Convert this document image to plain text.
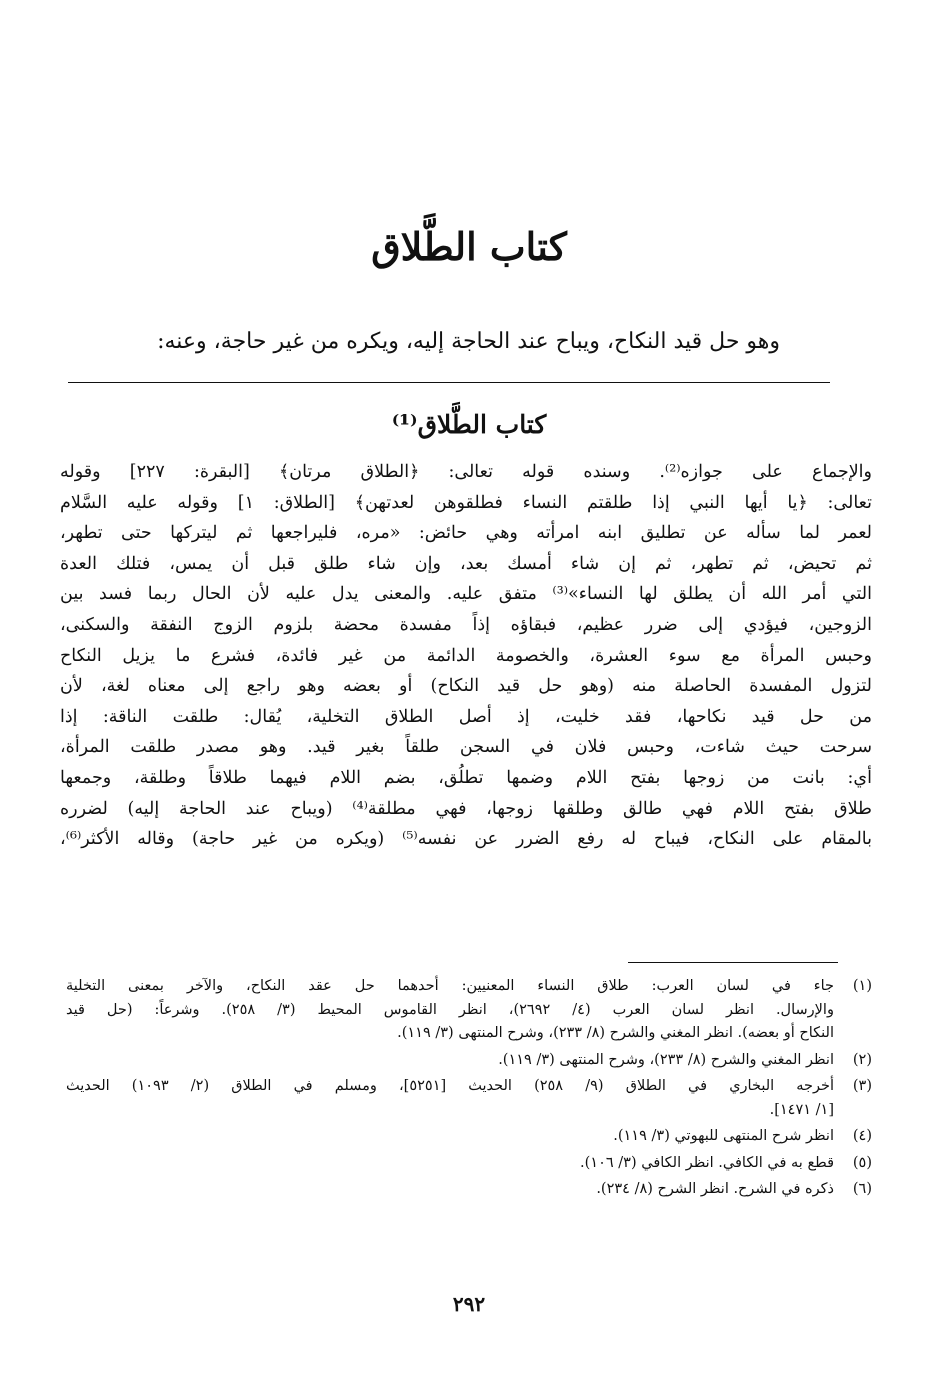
كتاب الطَّلاق

وهو حل قيد النكاح، ويباح عند الحاجة إليه، ويكره من غير حاجة، وعنه:

كتاب الطَّلاق⁽¹⁾
والإجماع على جوازه⁽²⁾. وسنده قوله تعالى: ﴿الطلاق مرتان﴾ [البقرة: ٢٢٧] وقوله
تعالى: ﴿يا أيها النبي إذا طلقتم النساء فطلقوهن لعدتهن﴾ [الطلاق: ١] وقوله عليه السَّلام
لعمر لما سأله عن تطليق ابنه امرأته وهي حائض: «مره، فليراجعها ثم ليتركها حتى تطهر،
ثم تحيض، ثم تطهر، ثم إن شاء أمسك بعد، وإن شاء طلق قبل أن يمس، فتلك العدة
التي أمر الله أن يطلق لها النساء»⁽³⁾ متفق عليه. والمعنى يدل عليه لأن الحال ربما فسد بين
الزوجين، فيؤدي إلى ضرر عظيم، فبقاؤه إذاً مفسدة محضة بلزوم الزوج النفقة والسكنى،
وحبس المرأة مع سوء العشرة، والخصومة الدائمة من غير فائدة، فشرع ما يزيل النكاح
لتزول المفسدة الحاصلة منه (وهو حل قيد النكاح) أو بعضه وهو راجع إلى معناه لغة، لأن
من حل قيد نكاحها، فقد خليت، إذ أصل الطلاق التخلية، يُقال: طلقت الناقة: إذا
سرحت حيث شاءت، وحبس فلان في السجن طلقاً بغير قيد. وهو مصدر طلقت المرأة،
أي: بانت من زوجها بفتح اللام وضمها تطلُق، بضم اللام فيهما طلاقاً وطلقة، وجمعها
طلاق بفتح اللام فهي طالق وطلقها زوجها، فهي مطلقة⁽⁴⁾ (ويباح عند الحاجة إليه) لضرره
بالمقام على النكاح، فيباح له رفع الضرر عن نفسه⁽⁵⁾ (ويكره من غير حاجة) وقاله الأكثر⁽⁶⁾،
(١)
جاء في لسان العرب: طلاق النساء المعنيين: أحدهما حل عقد النكاح، والآخر بمعنى التخلية
والإرسال. انظر لسان العرب (٤/ ٢٦٩٢)، انظر القاموس المحيط (٣/ ٢٥٨). وشرعاً: (حل قيد
النكاح أو بعضه). انظر المغني والشرح (٨/ ٢٣٣)، وشرح المنتهى (٣/ ١١٩).
(٢)
انظر المغني والشرح (٨/ ٢٣٣)، وشرح المنتهى (٣/ ١١٩).
(٣)
أخرجه البخاري في الطلاق (٩/ ٢٥٨) الحديث [٥٢٥١]، ومسلم في الطلاق (٢/ ١٠٩٣) الحديث
[١/ ١٤٧١].
(٤)
انظر شرح المنتهى للبهوتي (٣/ ١١٩).
(٥)
قطع به في الكافي. انظر الكافي (٣/ ١٠٦).
(٦)
ذكره في الشرح. انظر الشرح (٨/ ٢٣٤).
٢٩٢
